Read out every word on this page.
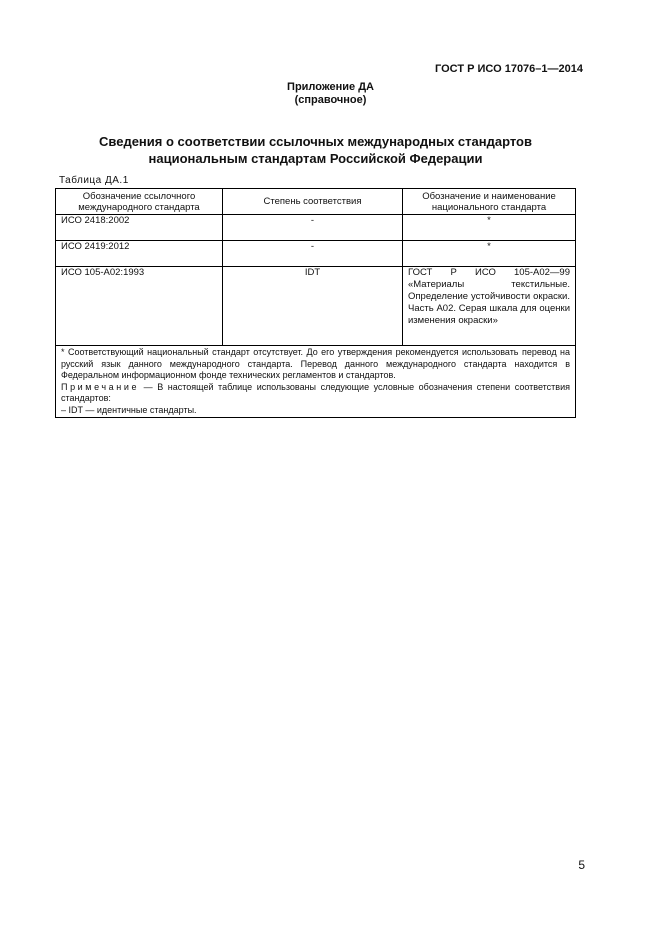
ГОСТ Р ИСО 17076–1—2014
Приложение ДА
(справочное)
Сведения о соответствии ссылочных международных стандартов
национальным стандартам Российской Федерации
Таблица ДА.1
Обозначение ссылочного международного стандарта	Степень соответствия	Обозначение и наименование национального стандарта
ИСО 2418:2002	-	*
ИСО 2419:2012	-	*
ИСО 105-А02:1993	IDT	ГОСТ Р ИСО 105-А02—99 «Материалы текстильные. Определение устойчивости окраски. Часть А02. Серая шкала для оценки изменения окраски»

* Соответствующий национальный стандарт отсутствует. До его утверждения рекомендуется использовать перевод на русский язык данного международного стандарта. Перевод данного международного стандарта находится в Федеральном информационном фонде технических регламентов и стандартов.
Примечание — В настоящей таблице использованы следующие условные обозначения степени соответствия стандартов:
– IDT — идентичные стандарты.		
5
